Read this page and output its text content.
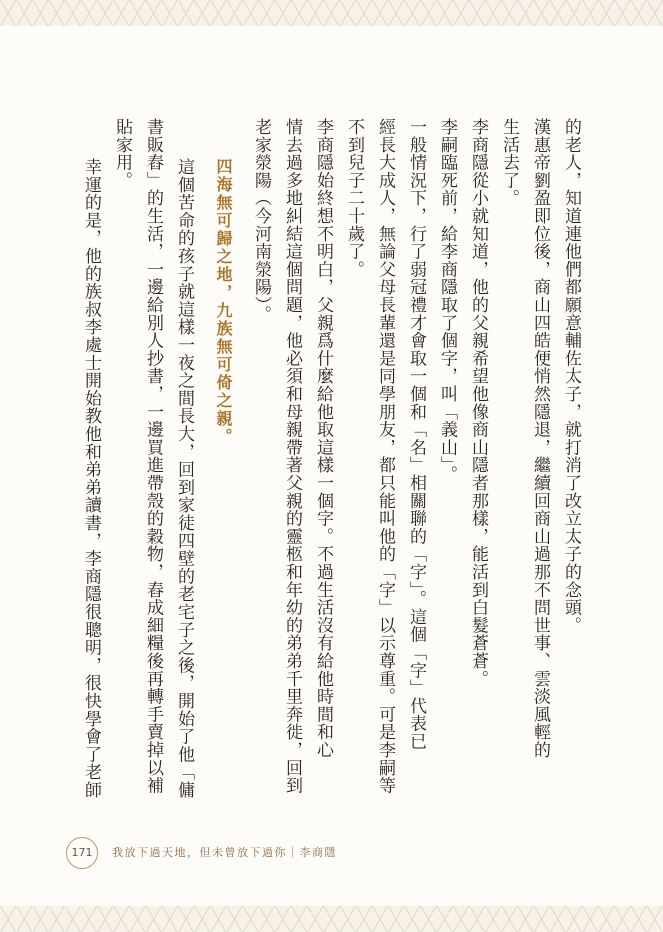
的老人，知道連他們都願意輔佐太子，就打消了改立太子的念頭。
漢惠帝劉盈即位後，商山四皓便悄然隱退，繼續回商山過那不問世事、雲淡風輕的
生活去了。
李商隱從小就知道，他的父親希望他像商山隱者那樣，能活到白髮蒼蒼。
李嗣臨死前，給李商隱取了個字，叫「義山」。
一般情況下，行了弱冠禮才會取一個和「名」相關聯的「字」。這個「字」代表已
經長大成人，無論父母長輩還是同學朋友，都只能叫他的「字」以示尊重。可是李嗣等
不到兒子二十歲了。
李商隱始終想不明白，父親爲什麼給他取這樣一個字。不過生活沒有給他時間和心
情去過多地糾結這個問題，他必須和母親帶著父親的靈柩和年幼的弟弟千里奔徙，回到
老家滎陽（今河南滎陽）。
四海無可歸之地，九族無可倚之親。
這個苦命的孩子就這樣一夜之間長大，回到家徒四壁的老宅子之後，開始了他「傭
書販舂」的生活，一邊給別人抄書，一邊買進帶殼的穀物，舂成細糧後再轉手賣掉以補
貼家用。
幸運的是，他的族叔李處士開始教他和弟弟讀書，李商隱很聰明，很快學會了老師
171	我放下過天地，但未曾放下過你｜李商隱
